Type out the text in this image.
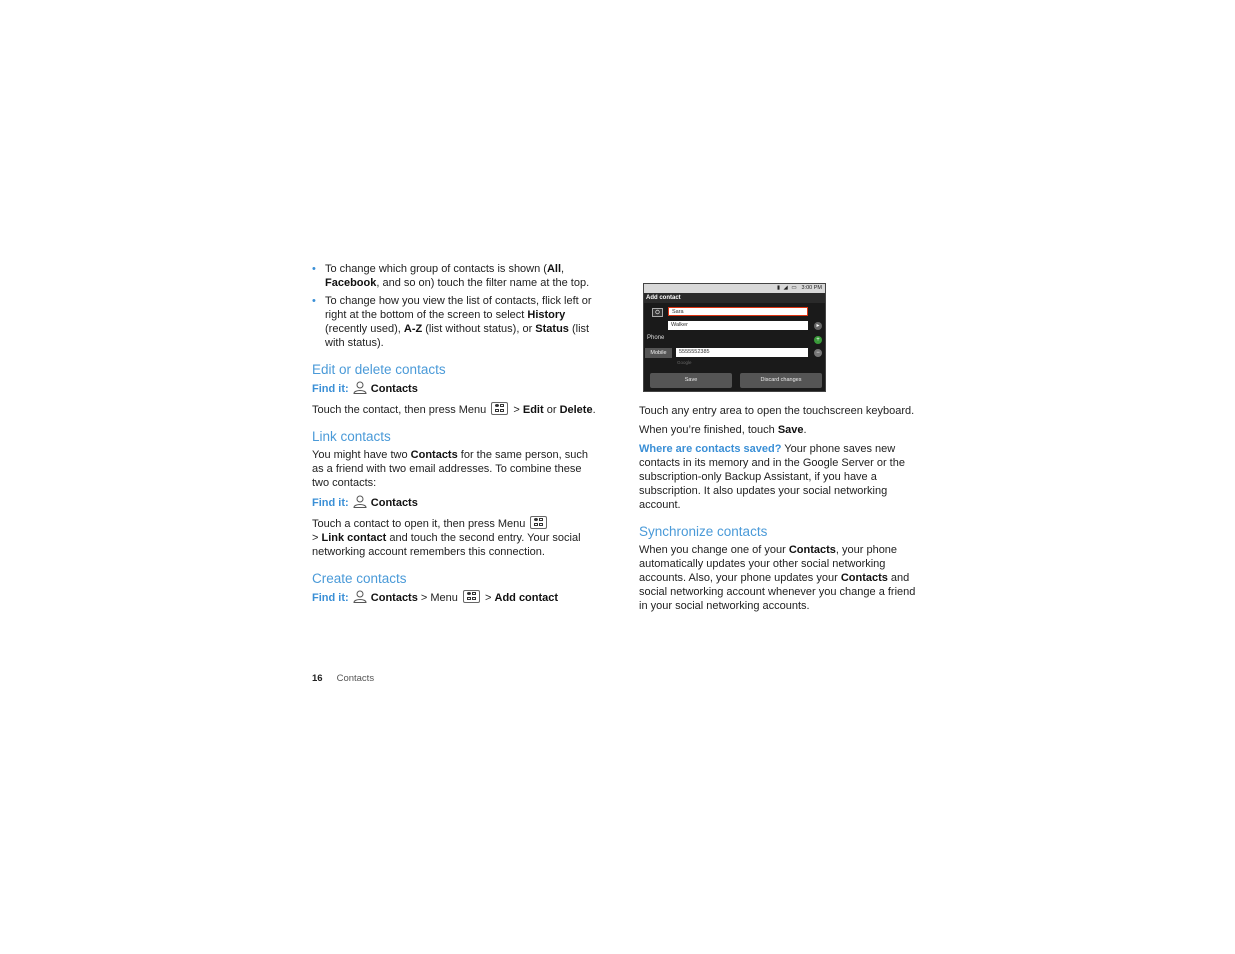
• To change which group of contacts is shown (All, Facebook, and so on) touch the filter name at the top.
• To change how you view the list of contacts, flick left or right at the bottom of the screen to select History (recently used), A-Z (list without status), or Status (list with status).
Edit or delete contacts

Find it: Contacts

Touch the contact, then press Menu
> Edit or Delete.

Link contacts

You might have two Contacts for the same person, such as a friend with two email addresses. To combine these two contacts:

Find it: Contacts

Touch a contact to open it, then press Menu

> Link contact and touch the second entry. Your social networking account remembers this connection.

Create contacts

Find it: Contacts > Menu
> Add contact

▮ ◢ ▭ 3:00 PM
Add contact
Sara
Walker	▸
Phone	+
Mobile	5555552385	−
Google
Save	Discard changes

Touch any entry area to open the touchscreen keyboard.

When you’re finished, touch Save.

Where are contacts saved? Your phone saves new contacts in its memory and in the Google Server or the subscription-only Backup Assistant, if you have a subscription. It also updates your social networking account.

Synchronize contacts

When you change one of your Contacts, your phone automatically updates your other social networking accounts. Also, your phone updates your Contacts and social networking account whenever you change a friend in your social networking accounts.

16 Contacts
